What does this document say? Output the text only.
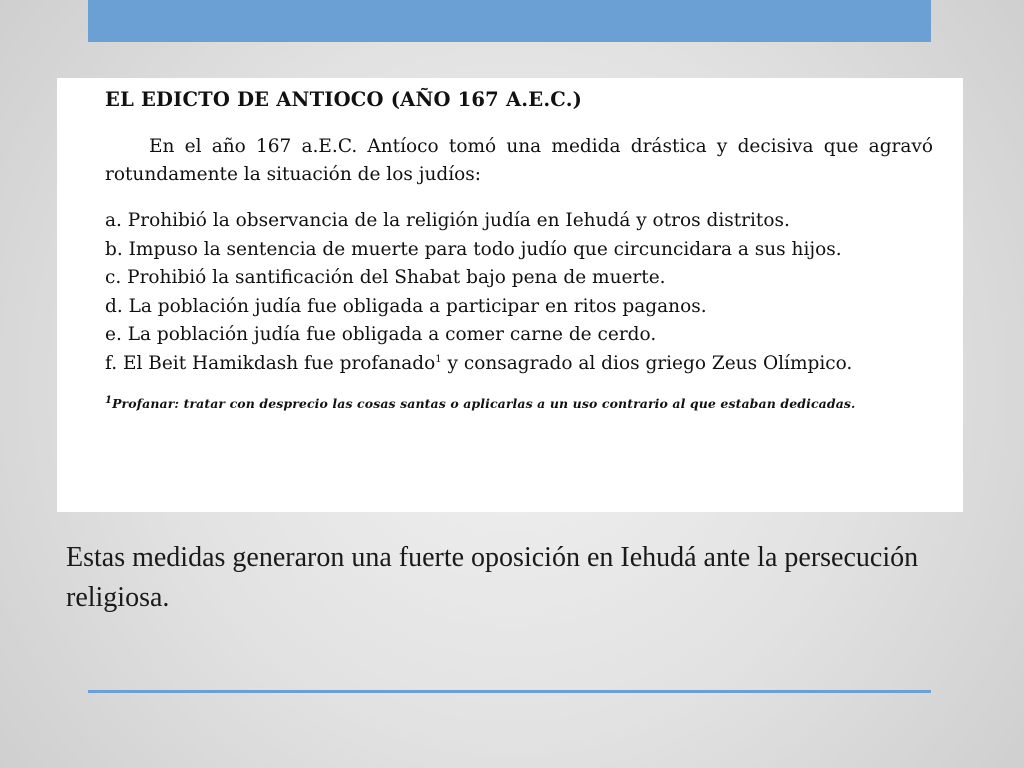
EL EDICTO DE ANTIOCO (AÑO 167 A.E.C.)

En el año 167 a.E.C. Antíoco tomó una medida drástica y decisiva que agravó rotundamente la situación de los judíos:

a. Prohibió la observancia de la religión judía en Iehudá y otros distritos.
b. Impuso la sentencia de muerte para todo judío que circuncidara a sus hijos.
c. Prohibió la santificación del Shabat bajo pena de muerte.
d. La población judía fue obligada a participar en ritos paganos.
e. La población judía fue obligada a comer carne de cerdo.
f. El Beit Hamikdash fue profanado$^1$ y consagrado al dios griego Zeus Olímpico.
$^1$Profanar: tratar con desprecio las cosas santas o aplicarlas a un uso contrario al que estaban dedicadas.

Estas medidas generaron una fuerte oposición en Iehudá ante la persecución religiosa.
